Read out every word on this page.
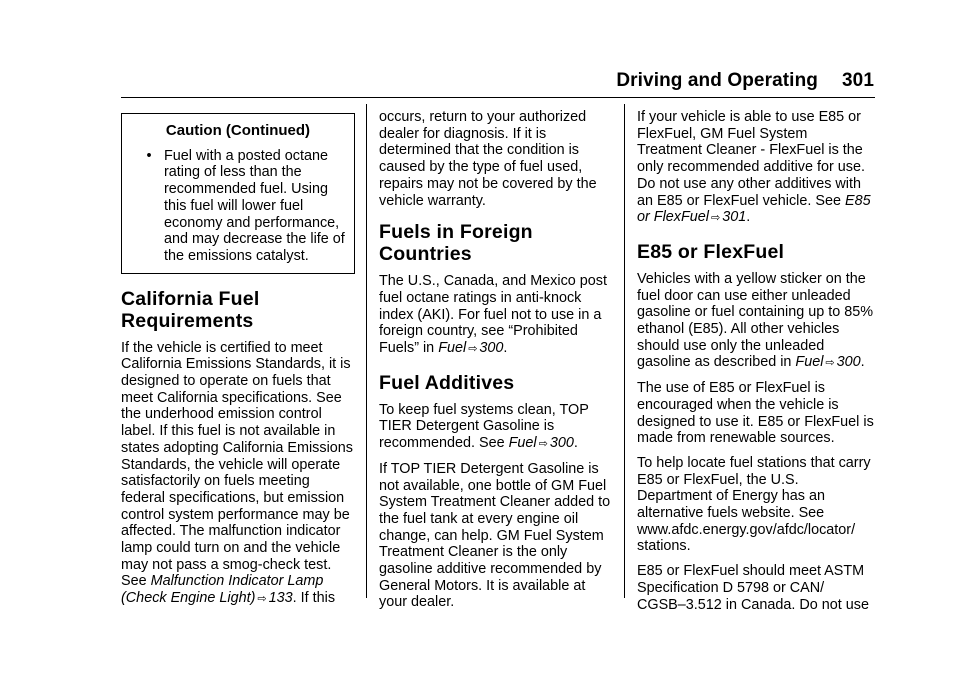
Driving and Operating 301
Caution (Continued)
• Fuel with a posted octane rating of less than the recommended fuel. Using this fuel will lower fuel economy and performance, and may decrease the life of the emissions catalyst.
California Fuel Requirements

If the vehicle is certified to meet California Emissions Standards, it is designed to operate on fuels that meet California specifications. See the underhood emission control label. If this fuel is not available in states adopting California Emissions Standards, the vehicle will operate satisfactorily on fuels meeting federal specifications, but emission control system performance may be affected. The malfunction indicator lamp could turn on and the vehicle may not pass a smog-check test. See Malfunction Indicator Lamp (Check Engine Light) ⇨ 133. If this

occurs, return to your authorized dealer for diagnosis. If it is determined that the condition is caused by the type of fuel used, repairs may not be covered by the vehicle warranty.

Fuels in Foreign Countries

The U.S., Canada, and Mexico post fuel octane ratings in anti-knock index (AKI). For fuel not to use in a foreign country, see “Prohibited Fuels” in Fuel ⇨ 300.

Fuel Additives

To keep fuel systems clean, TOP TIER Detergent Gasoline is recommended. See Fuel ⇨ 300.

If TOP TIER Detergent Gasoline is not available, one bottle of GM Fuel System Treatment Cleaner added to the fuel tank at every engine oil change, can help. GM Fuel System Treatment Cleaner is the only gasoline additive recommended by General Motors. It is available at your dealer.

If your vehicle is able to use E85 or FlexFuel, GM Fuel System Treatment Cleaner - FlexFuel is the only recommended additive for use. Do not use any other additives with an E85 or FlexFuel vehicle. See E85 or FlexFuel ⇨ 301.

E85 or FlexFuel

Vehicles with a yellow sticker on the fuel door can use either unleaded gasoline or fuel containing up to 85% ethanol (E85). All other vehicles should use only the unleaded gasoline as described in Fuel ⇨ 300.

The use of E85 or FlexFuel is encouraged when the vehicle is designed to use it. E85 or FlexFuel is made from renewable sources.

To help locate fuel stations that carry E85 or FlexFuel, the U.S. Department of Energy has an alternative fuels website. See www.afdc.energy.gov/afdc/locator/ stations.

E85 or FlexFuel should meet ASTM Specification D 5798 or CAN/ CGSB–3.512 in Canada. Do not use
